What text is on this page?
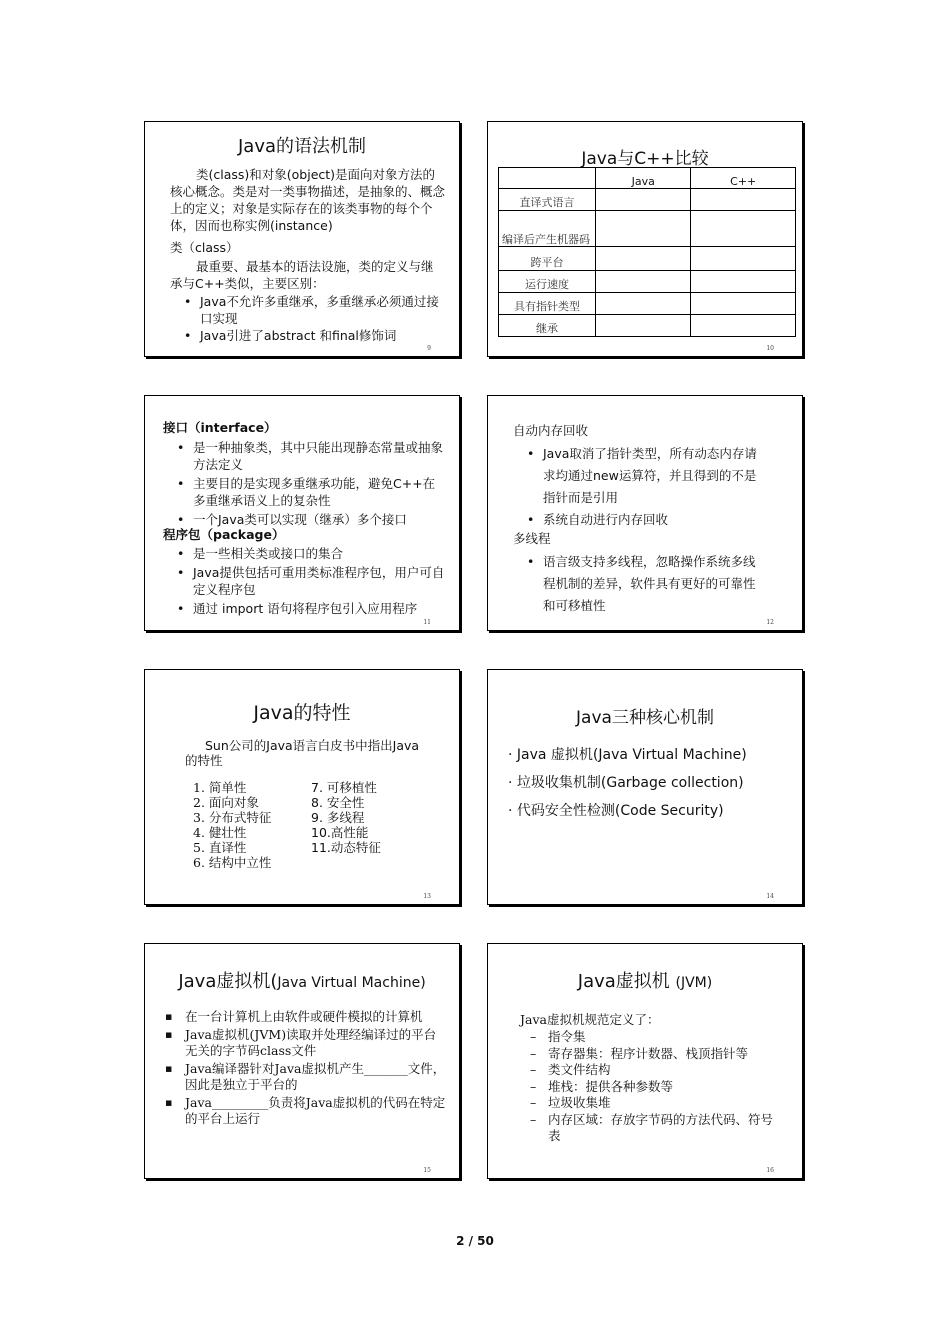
Java的语法机制
类(class)和对象(object)是面向对象方法的核心概念。类是对一类事物描述，是抽象的、概念上的定义；对象是实际存在的该类事物的每个个体，因而也称实例(instance)
类（class）
最重要、最基本的语法设施，类的定义与继承与C++类似，主要区别：
• Java不允许多重继承，多重继承必须通过接口实现
• Java引进了abstract 和final修饰词
9
Java与C++比较
	Java	C++
直译式语言		
编译后产生机器码		
跨平台		
运行速度		
具有指针类型		
继承		
10
接口（interface）
• 是一种抽象类，其中只能出现静态常量或抽象方法定义
• 主要目的是实现多重继承功能，避免C++在多重继承语义上的复杂性
• 一个Java类可以实现（继承）多个接口
程序包（package）
• 是一些相关类或接口的集合
• Java提供包括可重用类标准程序包，用户可自定义程序包
• 通过 import 语句将程序包引入应用程序
11
自动内存回收
• Java取消了指针类型，所有动态内存请求均通过new运算符，并且得到的不是指针而是引用
• 系统自动进行内存回收
多线程
• 语言级支持多线程，忽略操作系统多线程机制的差异，软件具有更好的可靠性和可移植性
12
Java的特性
Sun公司的Java语言白皮书中指出Java的特性
1. 简单性
2. 面向对象
3. 分布式特征
4. 健壮性
5. 直译性
6. 结构中立性
7. 可移植性
8. 安全性
9. 多线程
10.高性能
11.动态特征
13
Java三种核心机制
· Java 虚拟机(Java Virtual Machine)
· 垃圾收集机制(Garbage collection)
· 代码安全性检测(Code Security)
14
Java虚拟机(Java Virtual Machine)
▪ 在一台计算机上由软件或硬件模拟的计算机
▪ Java虚拟机(JVM)读取并处理经编译过的平台无关的字节码class文件
▪ Java编译器针对Java虚拟机产生_______文件，因此是独立于平台的
▪ Java_________负责将Java虚拟机的代码在特定的平台上运行
15
Java虚拟机 (JVM)
Java虚拟机规范定义了：
– 指令集
– 寄存器集：程序计数器、栈顶指针等
– 类文件结构
– 堆栈：提供各种参数等
– 垃圾收集堆
– 内存区域：存放字节码的方法代码、符号表
16
2 / 50
